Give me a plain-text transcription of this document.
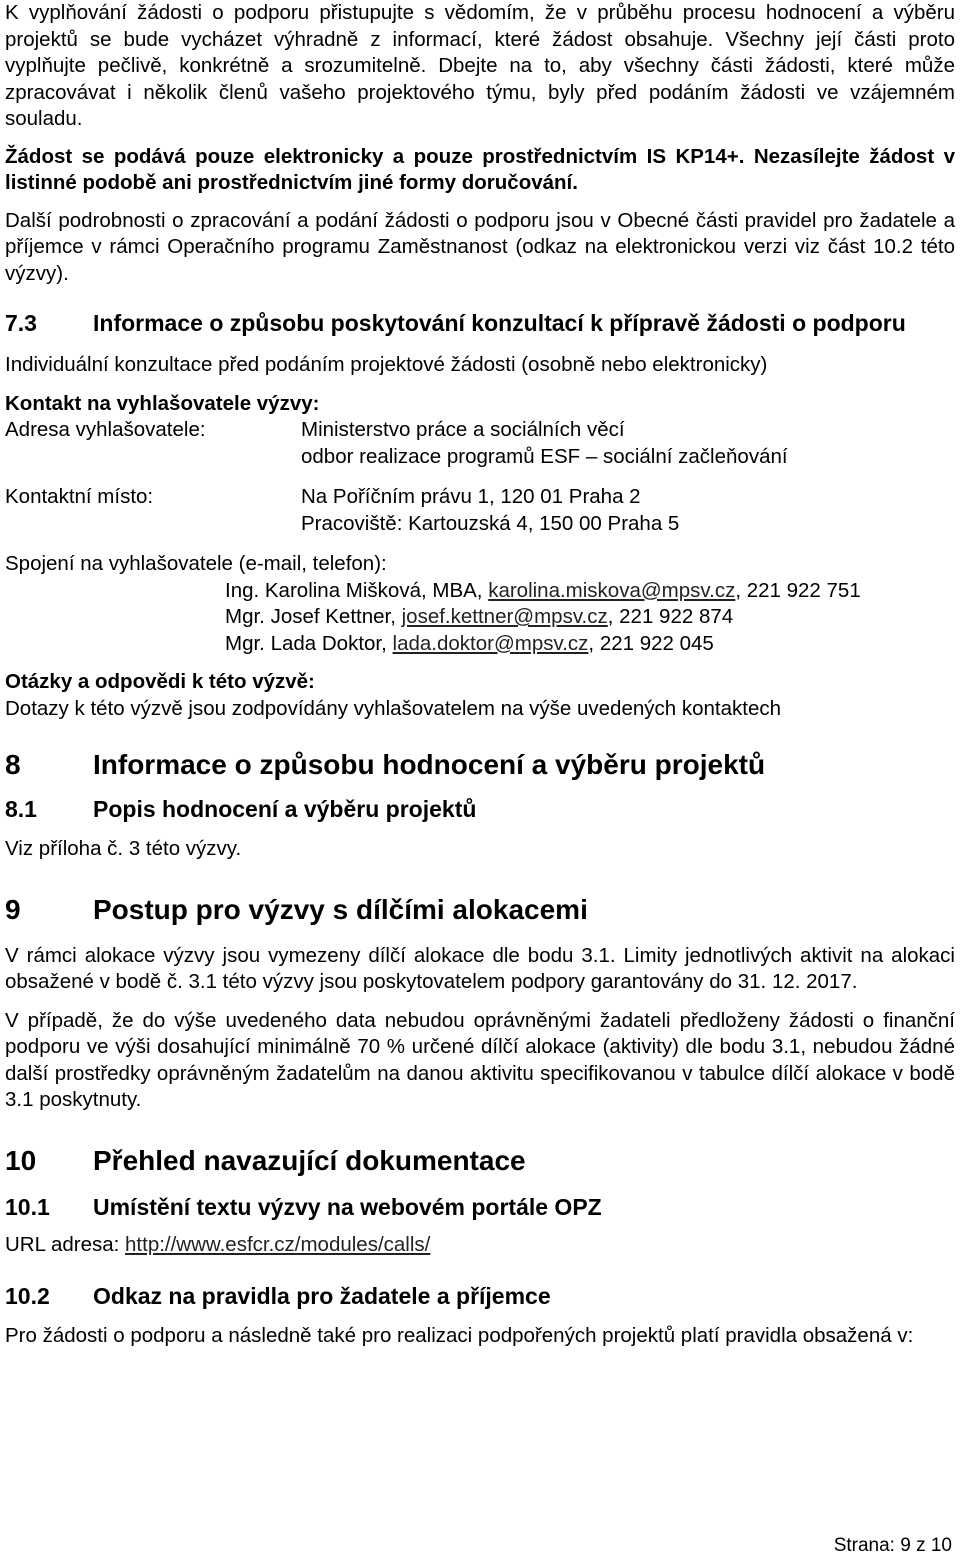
K vyplňování žádosti o podporu přistupujte s vědomím, že v průběhu procesu hodnocení a výběru projektů se bude vycházet výhradně z informací, které žádost obsahuje. Všechny její části proto vyplňujte pečlivě, konkrétně a srozumitelně. Dbejte na to, aby všechny části žádosti, které může zpracovávat i několik členů vašeho projektového týmu, byly před podáním žádosti ve vzájemném souladu.

Žádost se podává pouze elektronicky a pouze prostřednictvím IS KP14+. Nezasílejte žádost v listinné podobě ani prostřednictvím jiné formy doručování.

Další podrobnosti o zpracování a podání žádosti o podporu jsou v Obecné části pravidel pro žadatele a příjemce v rámci Operačního programu Zaměstnanost (odkaz na elektronickou verzi viz část 10.2 této výzvy).

7.3	Informace o způsobu poskytování konzultací k přípravě žádosti o podporu

Individuální konzultace před podáním projektové žádosti (osobně nebo elektronicky)

Kontakt na vyhlašovatele výzvy:

Adresa vyhlašovatele:	Ministerstvo práce a sociálních věcí

odbor realizace programů ESF – sociální začleňování

Kontaktní místo:	Na Poříčním právu 1, 120 01 Praha 2

Pracoviště: Kartouzská 4, 150 00 Praha 5

Spojení na vyhlašovatele (e-mail, telefon):

Ing. Karolina Mišková, MBA, karolina.miskova@mpsv.cz, 221 922 751

Mgr. Josef Kettner, josef.kettner@mpsv.cz, 221 922 874

Mgr. Lada Doktor, lada.doktor@mpsv.cz, 221 922 045

Otázky a odpovědi k této výzvě:

Dotazy k této výzvě jsou zodpovídány vyhlašovatelem na výše uvedených kontaktech

8	Informace o způsobu hodnocení a výběru projektů
8.1	Popis hodnocení a výběru projektů

Viz příloha č. 3 této výzvy.

9	Postup pro výzvy s dílčími alokacemi

V rámci alokace výzvy jsou vymezeny dílčí alokace dle bodu 3.1. Limity jednotlivých aktivit na alokaci obsažené v bodě č. 3.1 této výzvy jsou poskytovatelem podpory garantovány do 31. 12. 2017.

V případě, že do výše uvedeného data nebudou oprávněnými žadateli předloženy žádosti o finanční podporu ve výši dosahující minimálně 70 % určené dílčí alokace (aktivity) dle bodu 3.1, nebudou žádné další prostředky oprávněným žadatelům na danou aktivitu specifikovanou v tabulce dílčí alokace v bodě 3.1 poskytnuty.

10	Přehled navazující dokumentace
10.1	Umístění textu výzvy na webovém portále OPZ

URL adresa: http://www.esfcr.cz/modules/calls/

10.2	Odkaz na pravidla pro žadatele a příjemce

Pro žádosti o podporu a následně také pro realizaci podpořených projektů platí pravidla obsažená v:

Strana: 9 z 10
